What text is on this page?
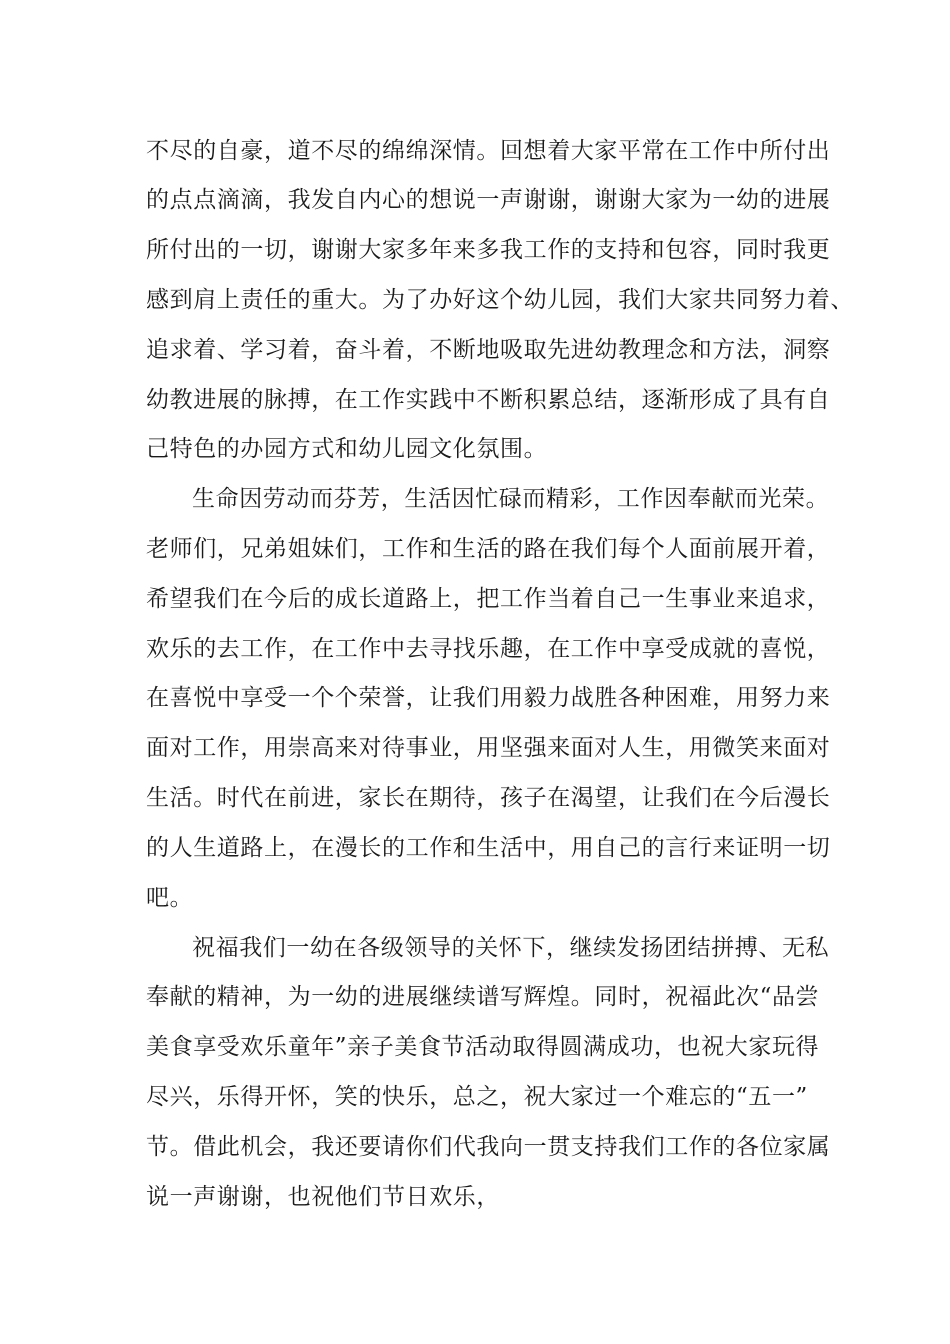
不尽的自豪，道不尽的绵绵深情。回想着大家平常在工作中所付出
的点点滴滴，我发自内心的想说一声谢谢，谢谢大家为一幼的进展
所付出的一切，谢谢大家多年来多我工作的支持和包容，同时我更
感到肩上责任的重大。为了办好这个幼儿园，我们大家共同努力着、
追求着、学习着，奋斗着，不断地吸取先进幼教理念和方法，洞察
幼教进展的脉搏，在工作实践中不断积累总结，逐渐形成了具有自
己特色的办园方式和幼儿园文化氛围。
生命因劳动而芬芳，生活因忙碌而精彩，工作因奉献而光荣。
老师们，兄弟姐妹们，工作和生活的路在我们每个人面前展开着，
希望我们在今后的成长道路上，把工作当着自己一生事业来追求，
欢乐的去工作，在工作中去寻找乐趣，在工作中享受成就的喜悦，
在喜悦中享受一个个荣誉，让我们用毅力战胜各种困难，用努力来
面对工作，用崇高来对待事业，用坚强来面对人生，用微笑来面对
生活。时代在前进，家长在期待，孩子在渴望，让我们在今后漫长
的人生道路上，在漫长的工作和生活中，用自己的言行来证明一切
吧。
祝福我们一幼在各级领导的关怀下，继续发扬团结拼搏、无私
奉献的精神，为一幼的进展继续谱写辉煌。同时，祝福此次“品尝
美食享受欢乐童年”亲子美食节活动取得圆满成功，也祝大家玩得
尽兴，乐得开怀，笑的快乐，总之，祝大家过一个难忘的“五一”
节。借此机会，我还要请你们代我向一贯支持我们工作的各位家属
说一声谢谢，也祝他们节日欢乐，
